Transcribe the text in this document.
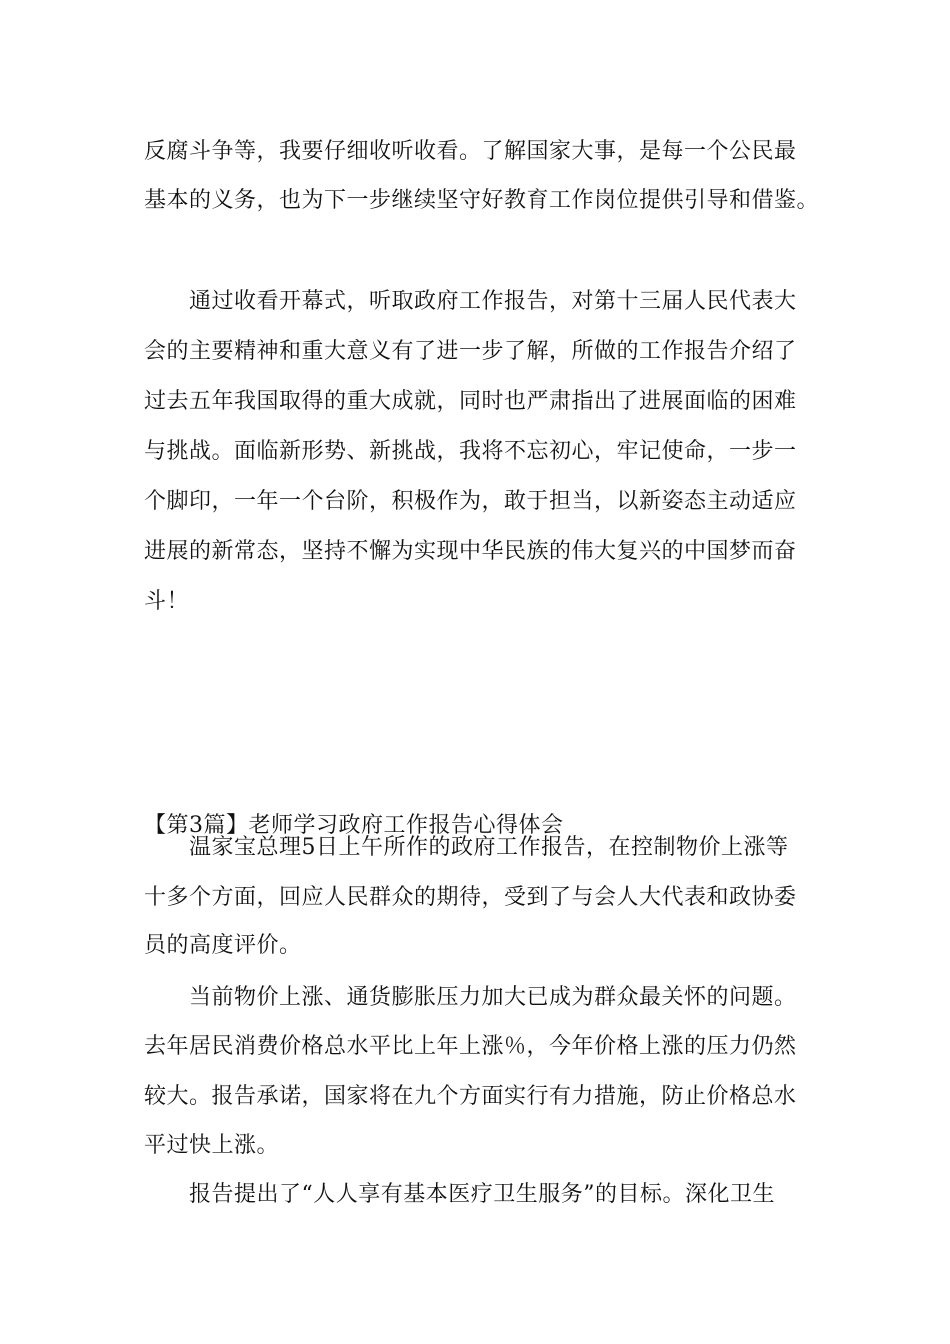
反腐斗争等，我要仔细收听收看。了解国家大事，是每一个公民最
基本的义务，也为下一步继续坚守好教育工作岗位提供引导和借鉴。
　　通过收看开幕式，听取政府工作报告，对第十三届人民代表大
会的主要精神和重大意义有了进一步了解，所做的工作报告介绍了
过去五年我国取得的重大成就，同时也严肃指出了进展面临的困难
与挑战。面临新形势、新挑战，我将不忘初心，牢记使命，一步一
个脚印，一年一个台阶，积极作为，敢于担当，以新姿态主动适应
进展的新常态，坚持不懈为实现中华民族的伟大复兴的中国梦而奋
斗！
【第3篇】老师学习政府工作报告心得体会
　　温家宝总理5日上午所作的政府工作报告，在控制物价上涨等
十多个方面，回应人民群众的期待，受到了与会人大代表和政协委
员的高度评价。
　　当前物价上涨、通货膨胀压力加大已成为群众最关怀的问题。
去年居民消费价格总水平比上年上涨％，今年价格上涨的压力仍然
较大。报告承诺，国家将在九个方面实行有力措施，防止价格总水
平过快上涨。
　　报告提出了“人人享有基本医疗卫生服务”的目标。深化卫生
